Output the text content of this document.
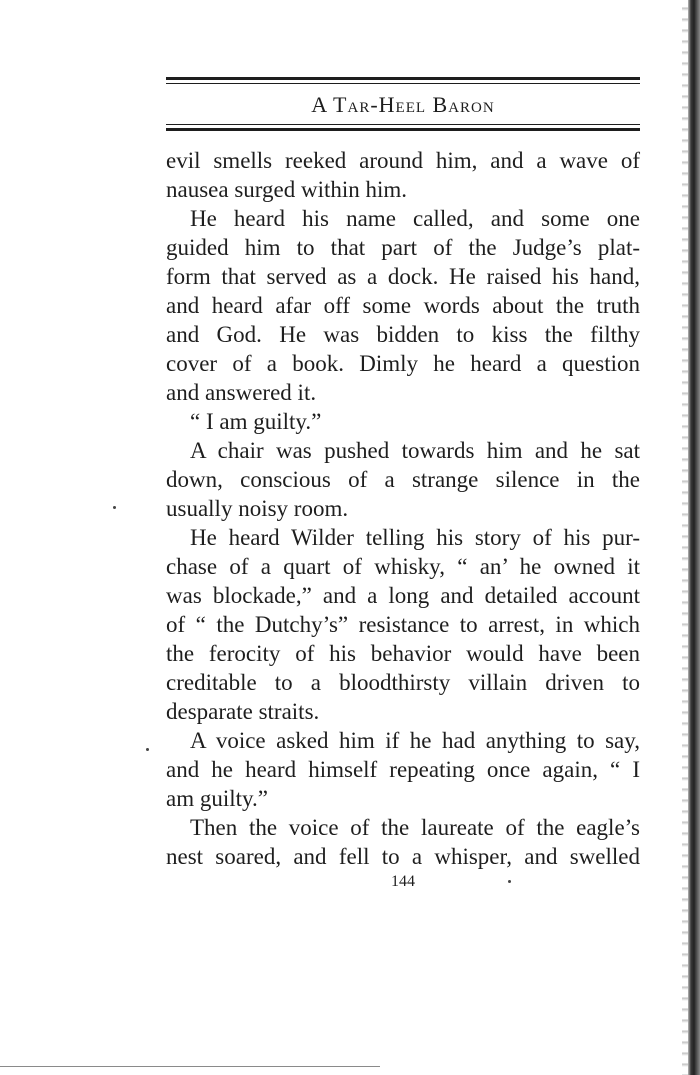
A Tar-Heel Baron
evil smells reeked around him, and a wave of
nausea surged within him.
He heard his name called, and some one
guided him to that part of the Judge’s plat-
form that served as a dock. He raised his hand,
and heard afar off some words about the truth
and God. He was bidden to kiss the filthy
cover of a book. Dimly he heard a question
and answered it.
“ I am guilty.”
A chair was pushed towards him and he sat
down, conscious of a strange silence in the
usually noisy room.
He heard Wilder telling his story of his pur-
chase of a quart of whisky, “ an’ he owned it
was blockade,” and a long and detailed account
of “ the Dutchy’s” resistance to arrest, in which
the ferocity of his behavior would have been
creditable to a bloodthirsty villain driven to
desparate straits.
A voice asked him if he had anything to say,
and he heard himself repeating once again, “ I
am guilty.”
Then the voice of the laureate of the eagle’s
nest soared, and fell to a whisper, and swelled
144
